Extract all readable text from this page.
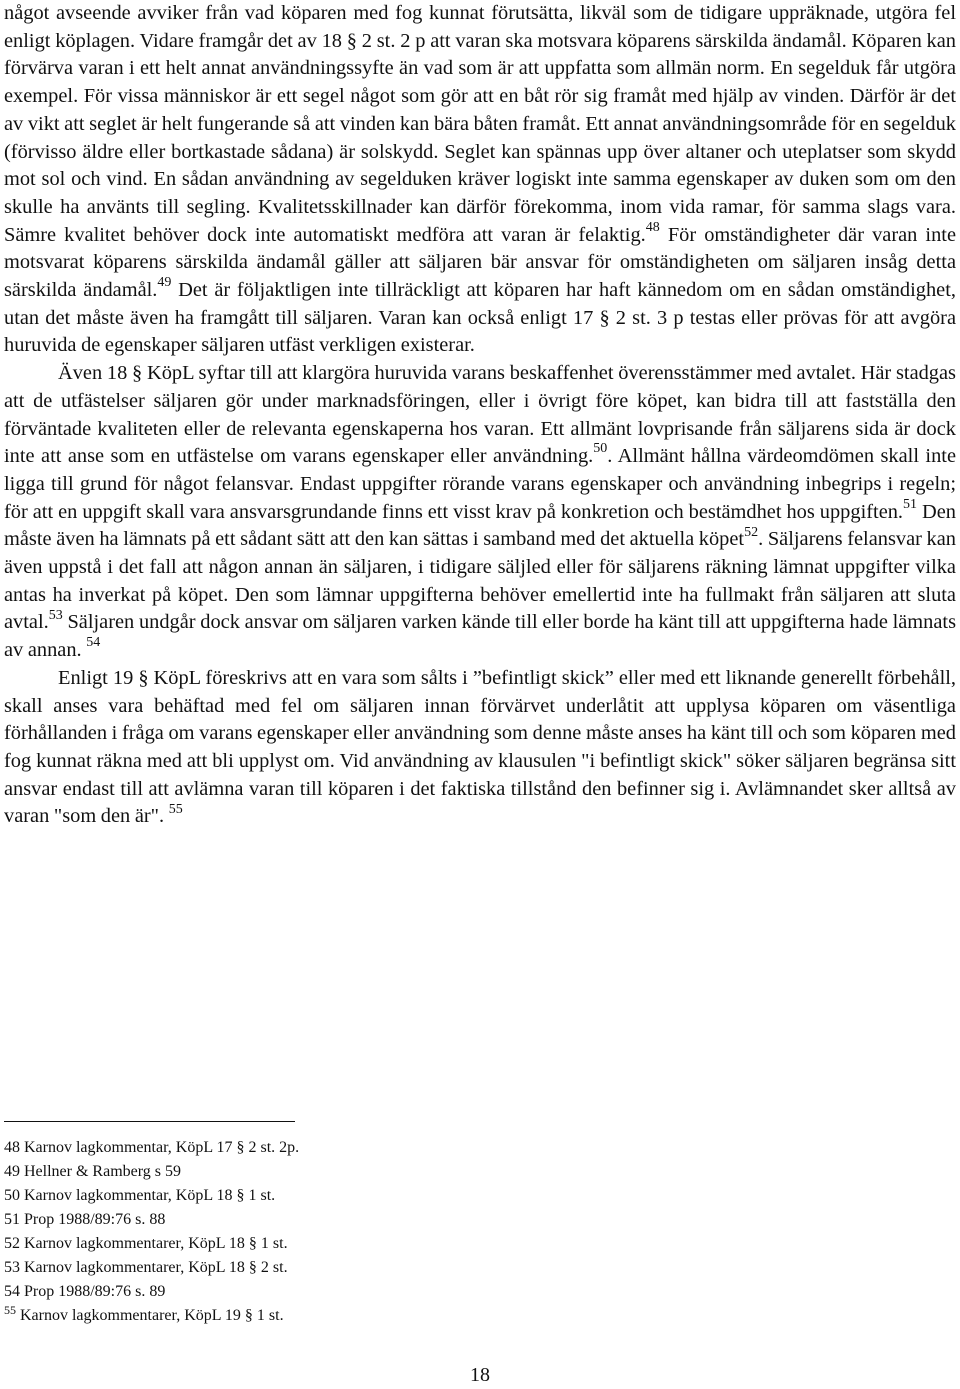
något avseende avviker från vad köparen med fog kunnat förutsätta, likväl som de tidigare uppräknade, utgöra fel enligt köplagen. Vidare framgår det av 18 § 2 st. 2 p att varan ska motsvara köparens särskilda ändamål. Köparen kan förvärva varan i ett helt annat användningssyfte än vad som är att uppfatta som allmän norm. En segelduk får utgöra exempel. För vissa människor är ett segel något som gör att en båt rör sig framåt med hjälp av vinden. Därför är det av vikt att seglet är helt fungerande så att vinden kan bära båten framåt. Ett annat användningsområde för en segelduk (förvisso äldre eller bortkastade sådana) är solskydd. Seglet kan spännas upp över altaner och uteplatser som skydd mot sol och vind. En sådan användning av segelduken kräver logiskt inte samma egenskaper av duken som om den skulle ha använts till segling. Kvalitetsskillnader kan därför förekomma, inom vida ramar, för samma slags vara. Sämre kvalitet behöver dock inte automatiskt medföra att varan är felaktig.$^{48}$ För omständigheter där varan inte motsvarat köparens särskilda ändamål gäller att säljaren bär ansvar för omständigheten om säljaren insåg detta särskilda ändamål.$^{49}$ Det är följaktligen inte tillräckligt att köparen har haft kännedom om en sådan omständighet, utan det måste även ha framgått till säljaren. Varan kan också enligt 17 § 2 st. 3 p testas eller prövas för att avgöra huruvida de egenskaper säljaren utfäst verkligen existerar.

Även 18 § KöpL syftar till att klargöra huruvida varans beskaffenhet överensstämmer med avtalet. Här stadgas att de utfästelser säljaren gör under marknadsföringen, eller i övrigt före köpet, kan bidra till att fastställa den förväntade kvaliteten eller de relevanta egenskaperna hos varan. Ett allmänt lovprisande från säljarens sida är dock inte att anse som en utfästelse om varans egenskaper eller användning.$^{50}$. Allmänt hållna värdeomdömen skall inte ligga till grund för något felansvar. Endast uppgifter rörande varans egenskaper och användning inbegrips i regeln; för att en uppgift skall vara ansvarsgrundande finns ett visst krav på konkretion och bestämdhet hos uppgiften.$^{51}$ Den måste även ha lämnats på ett sådant sätt att den kan sättas i samband med det aktuella köpet$^{52}$. Säljarens felansvar kan även uppstå i det fall att någon annan än säljaren, i tidigare säljled eller för säljarens räkning lämnat uppgifter vilka antas ha inverkat på köpet. Den som lämnar uppgifterna behöver emellertid inte ha fullmakt från säljaren att sluta avtal.$^{53}$ Säljaren undgår dock ansvar om säljaren varken kände till eller borde ha känt till att uppgifterna hade lämnats av annan. $^{54}$

Enligt 19 § KöpL föreskrivs att en vara som sålts i ”befintligt skick” eller med ett liknande generellt förbehåll, skall anses vara behäftad med fel om säljaren innan förvärvet underlåtit att upplysa köparen om väsentliga förhållanden i fråga om varans egenskaper eller användning som denne måste anses ha känt till och som köparen med fog kunnat räkna med att bli upplyst om. Vid användning av klausulen "i befintligt skick" söker säljaren begränsa sitt ansvar endast till att avlämna varan till köparen i det faktiska tillstånd den befinner sig i. Avlämnandet sker alltså av varan "som den är". $^{55}$

48 Karnov lagkommentar, KöpL 17 § 2 st. 2p.
49 Hellner & Ramberg s 59
50 Karnov lagkommentar, KöpL 18 § 1 st.
51 Prop 1988/89:76 s. 88
52 Karnov lagkommentarer, KöpL 18 § 1 st.
53 Karnov lagkommentarer, KöpL 18 § 2 st.
54 Prop 1988/89:76 s. 89
$^{55}$ Karnov lagkommentarer, KöpL 19 § 1 st.
18
